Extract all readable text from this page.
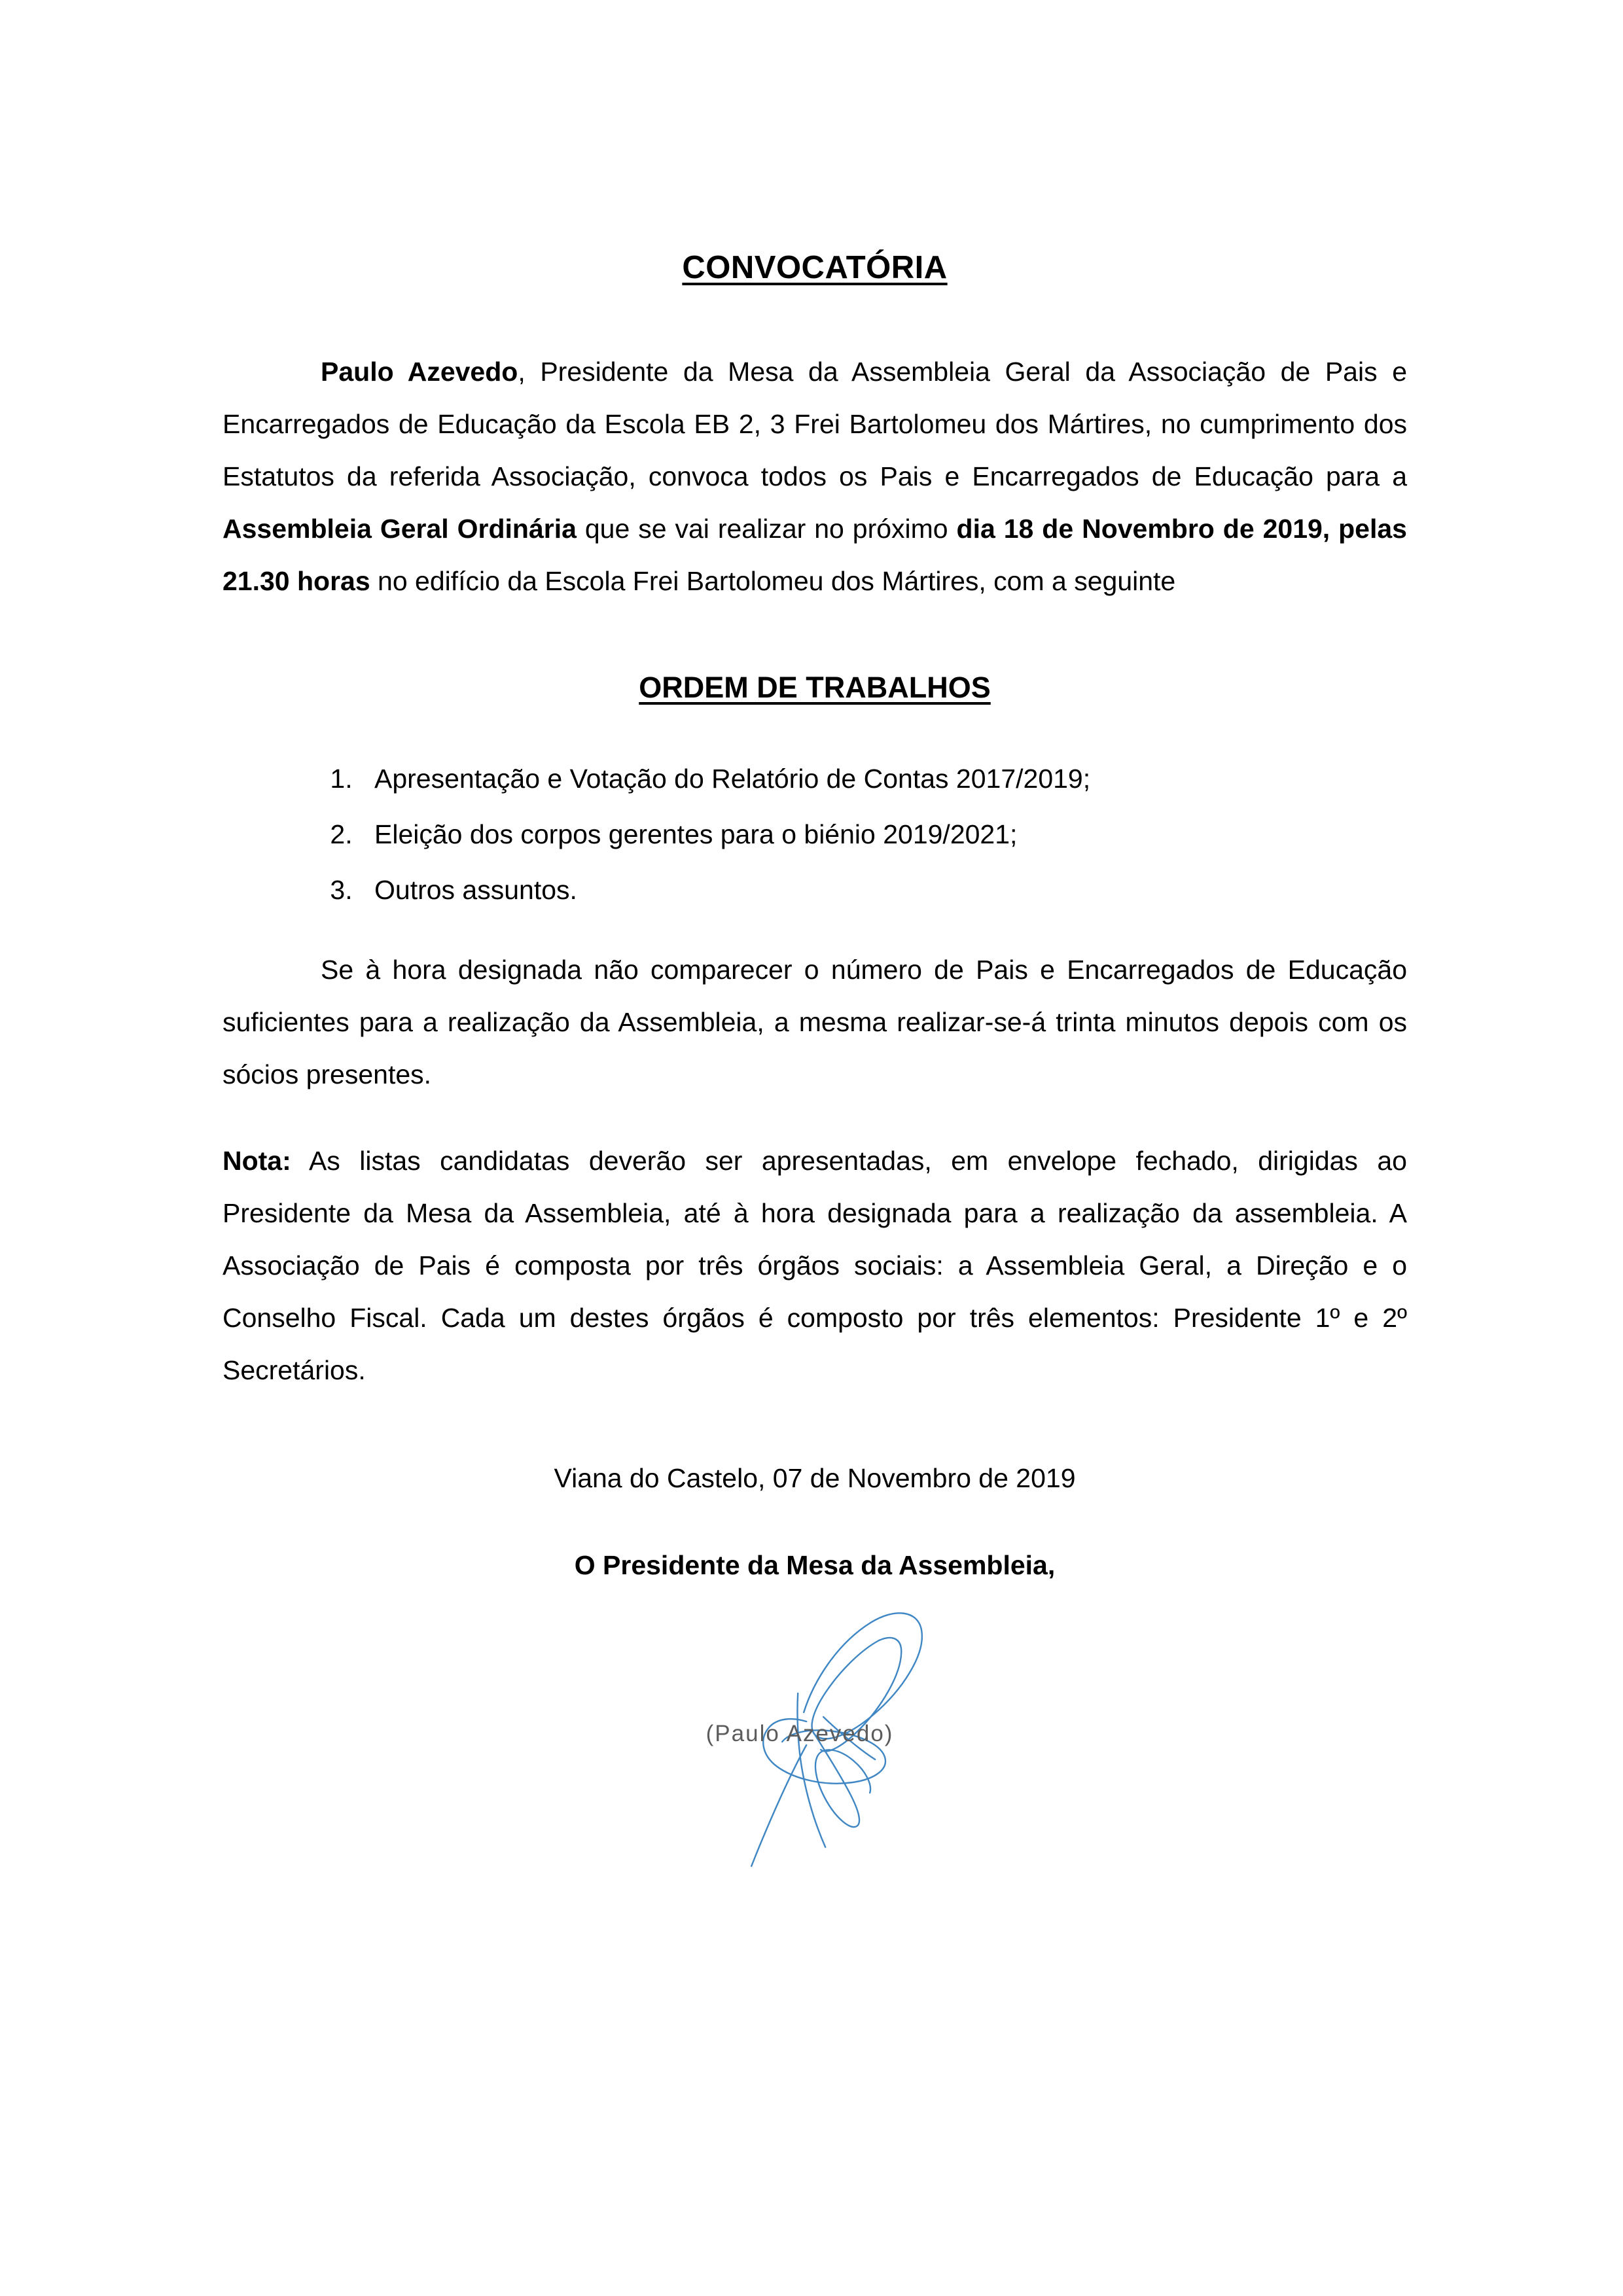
CONVOCATÓRIA

Paulo Azevedo, Presidente da Mesa da Assembleia Geral da Associação de Pais e Encarregados de Educação da Escola EB 2, 3 Frei Bartolomeu dos Mártires, no cumprimento dos Estatutos da referida Associação, convoca todos os Pais e Encarregados de Educação para a Assembleia Geral Ordinária que se vai realizar no próximo dia 18 de Novembro de 2019, pelas 21.30 horas no edifício da Escola Frei Bartolomeu dos Mártires, com a seguinte

ORDEM DE TRABALHOS
1. Apresentação e Votação do Relatório de Contas 2017/2019;
2. Eleição dos corpos gerentes para o biénio 2019/2021;
3. Outros assuntos.

Se à hora designada não comparecer o número de Pais e Encarregados de Educação suficientes para a realização da Assembleia, a mesma realizar-se-á trinta minutos depois com os sócios presentes.

Nota: As listas candidatas deverão ser apresentadas, em envelope fechado, dirigidas ao Presidente da Mesa da Assembleia, até à hora designada para a realização da assembleia. A Associação de Pais é composta por três órgãos sociais: a Assembleia Geral, a Direção e o Conselho Fiscal. Cada um destes órgãos é composto por três elementos: Presidente 1º e 2º Secretários.

Viana do Castelo, 07 de Novembro de 2019

O Presidente da Mesa da Assembleia,

(Paulo Azevedo)
